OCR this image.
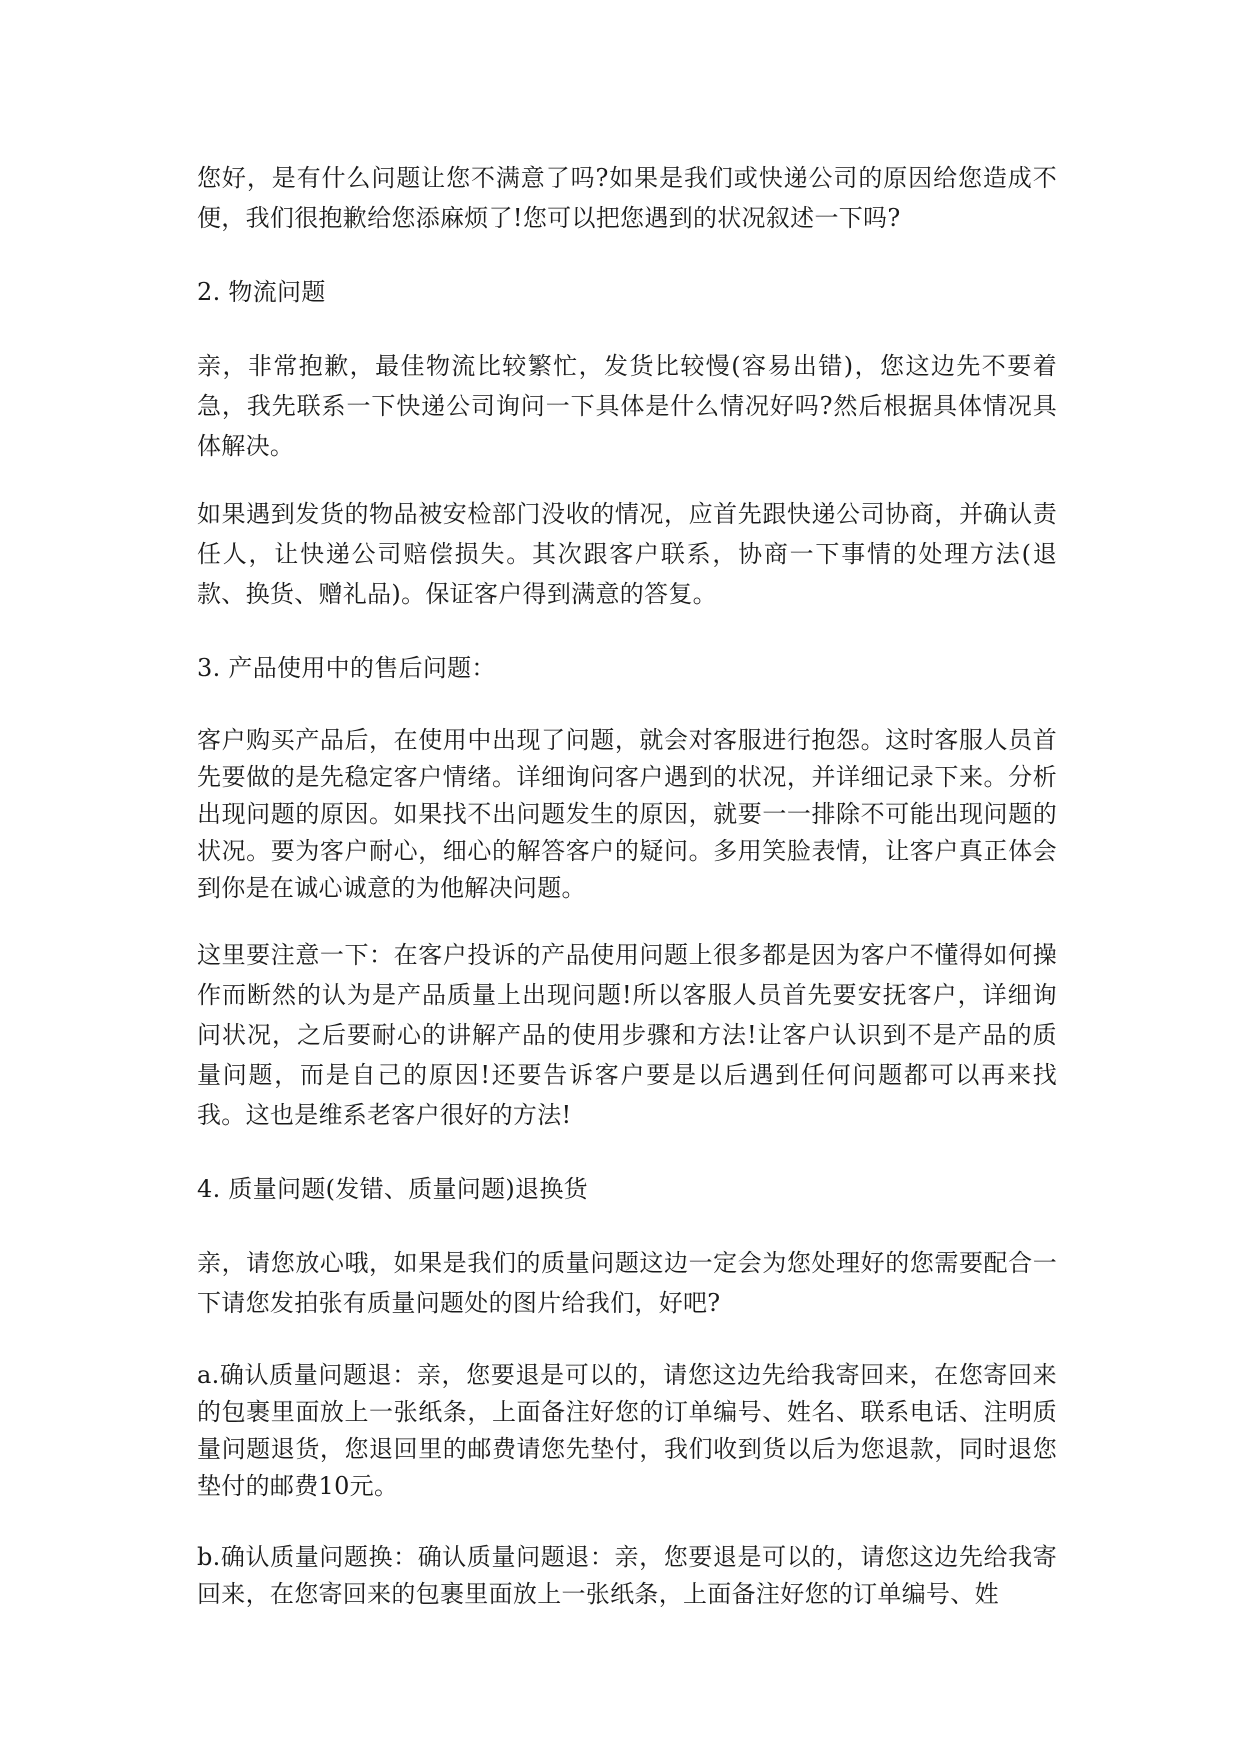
您好，是有什么问题让您不满意了吗?如果是我们或快递公司的原因给您造成不便，我们很抱歉给您添麻烦了!您可以把您遇到的状况叙述一下吗?

2. 物流问题

亲，非常抱歉，最佳物流比较繁忙，发货比较慢(容易出错)，您这边先不要着急，我先联系一下快递公司询问一下具体是什么情况好吗?然后根据具体情况具体解决。

如果遇到发货的物品被安检部门没收的情况，应首先跟快递公司协商，并确认责任人，让快递公司赔偿损失。其次跟客户联系，协商一下事情的处理方法(退款、换货、赠礼品)。保证客户得到满意的答复。

3. 产品使用中的售后问题：

客户购买产品后，在使用中出现了问题，就会对客服进行抱怨。这时客服人员首先要做的是先稳定客户情绪。详细询问客户遇到的状况，并详细记录下来。分析出现问题的原因。如果找不出问题发生的原因，就要一一排除不可能出现问题的状况。要为客户耐心，细心的解答客户的疑问。多用笑脸表情，让客户真正体会到你是在诚心诚意的为他解决问题。

这里要注意一下：在客户投诉的产品使用问题上很多都是因为客户不懂得如何操作而断然的认为是产品质量上出现问题!所以客服人员首先要安抚客户，详细询问状况，之后要耐心的讲解产品的使用步骤和方法!让客户认识到不是产品的质量问题，而是自己的原因!还要告诉客户要是以后遇到任何问题都可以再来找我。这也是维系老客户很好的方法!

4. 质量问题(发错、质量问题)退换货

亲，请您放心哦，如果是我们的质量问题这边一定会为您处理好的您需要配合一下请您发拍张有质量问题处的图片给我们，好吧?

a.确认质量问题退：亲，您要退是可以的，请您这边先给我寄回来，在您寄回来的包裹里面放上一张纸条，上面备注好您的订单编号、姓名、联系电话、注明质量问题退货，您退回里的邮费请您先垫付，我们收到货以后为您退款，同时退您垫付的邮费10元。

b.确认质量问题换：确认质量问题退：亲，您要退是可以的，请您这边先给我寄回来，在您寄回来的包裹里面放上一张纸条，上面备注好您的订单编号、姓
